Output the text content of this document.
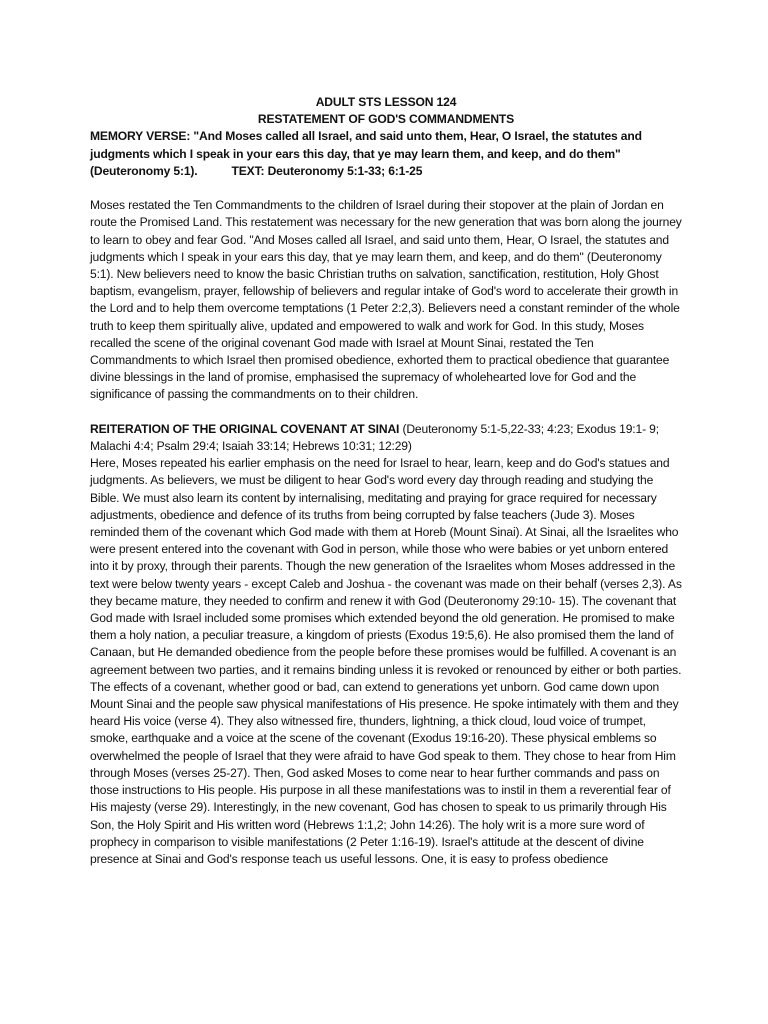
ADULT STS LESSON 124
RESTATEMENT OF GOD'S COMMANDMENTS
MEMORY VERSE: "And Moses called all Israel, and said unto them, Hear, O Israel, the statutes and judgments which I speak in your ears this day, that ye may learn them, and keep, and do them" (Deuteronomy 5:1).	TEXT: Deuteronomy 5:1-33; 6:1-25
Moses restated the Ten Commandments to the children of Israel during their stopover at the plain of Jordan en route the Promised Land. This restatement was necessary for the new generation that was born along the journey to learn to obey and fear God. "And Moses called all Israel, and said unto them, Hear, O Israel, the statutes and judgments which I speak in your ears this day, that ye may learn them, and keep, and do them" (Deuteronomy 5:1). New believers need to know the basic Christian truths on salvation, sanctification, restitution, Holy Ghost baptism, evangelism, prayer, fellowship of believers and regular intake of God's word to accelerate their growth in the Lord and to help them overcome temptations (1 Peter 2:2,3). Believers need a constant reminder of the whole truth to keep them spiritually alive, updated and empowered to walk and work for God. In this study, Moses recalled the scene of the original covenant God made with Israel at Mount Sinai, restated the Ten Commandments to which Israel then promised obedience, exhorted them to practical obedience that guarantee divine blessings in the land of promise, emphasised the supremacy of wholehearted love for God and the significance of passing the commandments on to their children.
REITERATION OF THE ORIGINAL COVENANT AT SINAI (Deuteronomy 5:1-5,22-33; 4:23; Exodus 19:1- 9; Malachi 4:4; Psalm 29:4; Isaiah 33:14; Hebrews 10:31; 12:29)
Here, Moses repeated his earlier emphasis on the need for Israel to hear, learn, keep and do God's statues and judgments. As believers, we must be diligent to hear God's word every day through reading and studying the Bible. We must also learn its content by internalising, meditating and praying for grace required for necessary adjustments, obedience and defence of its truths from being corrupted by false teachers (Jude 3). Moses reminded them of the covenant which God made with them at Horeb (Mount Sinai). At Sinai, all the Israelites who were present entered into the covenant with God in person, while those who were babies or yet unborn entered into it by proxy, through their parents. Though the new generation of the Israelites whom Moses addressed in the text were below twenty years - except Caleb and Joshua - the covenant was made on their behalf (verses 2,3). As they became mature, they needed to confirm and renew it with God (Deuteronomy 29:10- 15). The covenant that God made with Israel included some promises which extended beyond the old generation. He promised to make them a holy nation, a peculiar treasure, a kingdom of priests (Exodus 19:5,6). He also promised them the land of Canaan, but He demanded obedience from the people before these promises would be fulfilled. A covenant is an agreement between two parties, and it remains binding unless it is revoked or renounced by either or both parties. The effects of a covenant, whether good or bad, can extend to generations yet unborn. God came down upon Mount Sinai and the people saw physical manifestations of His presence. He spoke intimately with them and they heard His voice (verse 4). They also witnessed fire, thunders, lightning, a thick cloud, loud voice of trumpet, smoke, earthquake and a voice at the scene of the covenant (Exodus 19:16-20). These physical emblems so overwhelmed the people of Israel that they were afraid to have God speak to them. They chose to hear from Him through Moses (verses 25-27). Then, God asked Moses to come near to hear further commands and pass on those instructions to His people. His purpose in all these manifestations was to instil in them a reverential fear of His majesty (verse 29). Interestingly, in the new covenant, God has chosen to speak to us primarily through His Son, the Holy Spirit and His written word (Hebrews 1:1,2; John 14:26). The holy writ is a more sure word of prophecy in comparison to visible manifestations (2 Peter 1:16-19). Israel's attitude at the descent of divine presence at Sinai and God's response teach us useful lessons. One, it is easy to profess obedience
